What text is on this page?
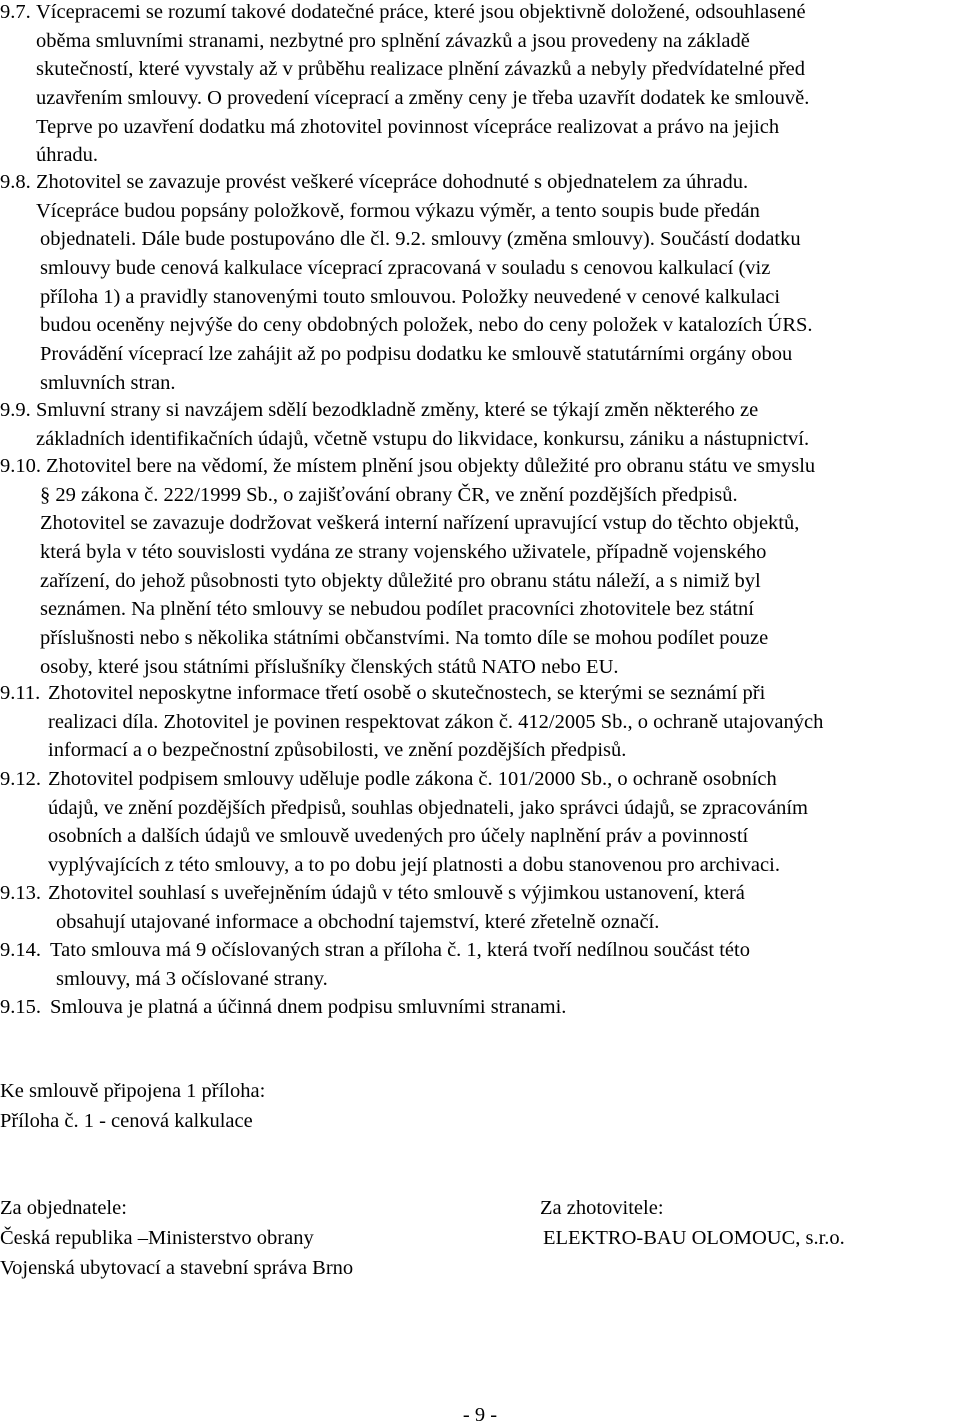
9.7. Vícepracemi se rozumí takové dodatečné práce, které jsou objektivně doložené, odsouhlasené
oběma smluvními stranami, nezbytné pro splnění závazků a jsou provedeny na základě
skutečností, které vyvstaly až v průběhu realizace plnění závazků a nebyly předvídatelné před
uzavřením smlouvy. O provedení víceprací a změny ceny je třeba uzavřít dodatek ke smlouvě.
Teprve po uzavření dodatku má zhotovitel povinnost vícepráce realizovat a právo na jejich
úhradu.
9.8. Zhotovitel se zavazuje provést veškeré vícepráce dohodnuté s objednatelem za úhradu.
Vícepráce budou popsány položkově, formou výkazu výměr, a tento soupis bude předán
objednateli. Dále bude postupováno dle čl. 9.2. smlouvy (změna smlouvy). Součástí dodatku
smlouvy bude cenová kalkulace víceprací zpracovaná v souladu s cenovou kalkulací (viz
příloha 1) a pravidly stanovenými touto smlouvou. Položky neuvedené v cenové kalkulaci
budou oceněny nejvýše do ceny obdobných položek, nebo do ceny položek v katalozích ÚRS.
Provádění víceprací lze zahájit až po podpisu dodatku ke smlouvě statutárními orgány obou
smluvních stran.
9.9. Smluvní strany si navzájem sdělí bezodkladně změny, které se týkají změn některého ze
základních identifikačních údajů, včetně vstupu do likvidace, konkursu, zániku a nástupnictví.
9.10. Zhotovitel bere na vědomí, že místem plnění jsou objekty důležité pro obranu státu ve smyslu
§ 29 zákona č. 222/1999 Sb., o zajišťování obrany ČR, ve znění pozdějších předpisů.
Zhotovitel se zavazuje dodržovat veškerá interní nařízení upravující vstup do těchto objektů,
která byla v této souvislosti vydána ze strany vojenského uživatele, případně vojenského
zařízení, do jehož působnosti tyto objekty důležité pro obranu státu náleží, a s nimiž byl
seznámen. Na plnění této smlouvy se nebudou podílet pracovníci zhotovitele bez státní
příslušnosti nebo s několika státními občanstvími. Na tomto díle se mohou podílet pouze
osoby, které jsou státními příslušníky členských států NATO nebo EU.
9.11. Zhotovitel neposkytne informace třetí osobě o skutečnostech, se kterými se seznámí při
realizaci díla. Zhotovitel je povinen respektovat zákon č. 412/2005 Sb., o ochraně utajovaných
informací a o bezpečnostní způsobilosti, ve znění pozdějších předpisů.
9.12. Zhotovitel podpisem smlouvy uděluje podle zákona č. 101/2000 Sb., o ochraně osobních
údajů, ve znění pozdějších předpisů, souhlas objednateli, jako správci údajů, se zpracováním
osobních a dalších údajů ve smlouvě uvedených pro účely naplnění práv a povinností
vyplývajících z této smlouvy, a to po dobu její platnosti a dobu stanovenou pro archivaci.
9.13. Zhotovitel souhlasí s uveřejněním údajů v této smlouvě s výjimkou ustanovení, která
obsahují utajované informace a obchodní tajemství, které zřetelně označí.
9.14. Tato smlouva má 9 očíslovaných stran a příloha č. 1, která tvoří nedílnou součást této
smlouvy, má 3 očíslované strany.
9.15. Smlouva je platná a účinná dnem podpisu smluvními stranami.
Ke smlouvě připojena 1 příloha:
Příloha č. 1 - cenová kalkulace
Za objednatele:
Česká republika –Ministerstvo obrany
Vojenská ubytovací a stavební správa Brno
Za zhotovitele:
ELEKTRO-BAU OLOMOUC, s.r.o.
- 9 -
